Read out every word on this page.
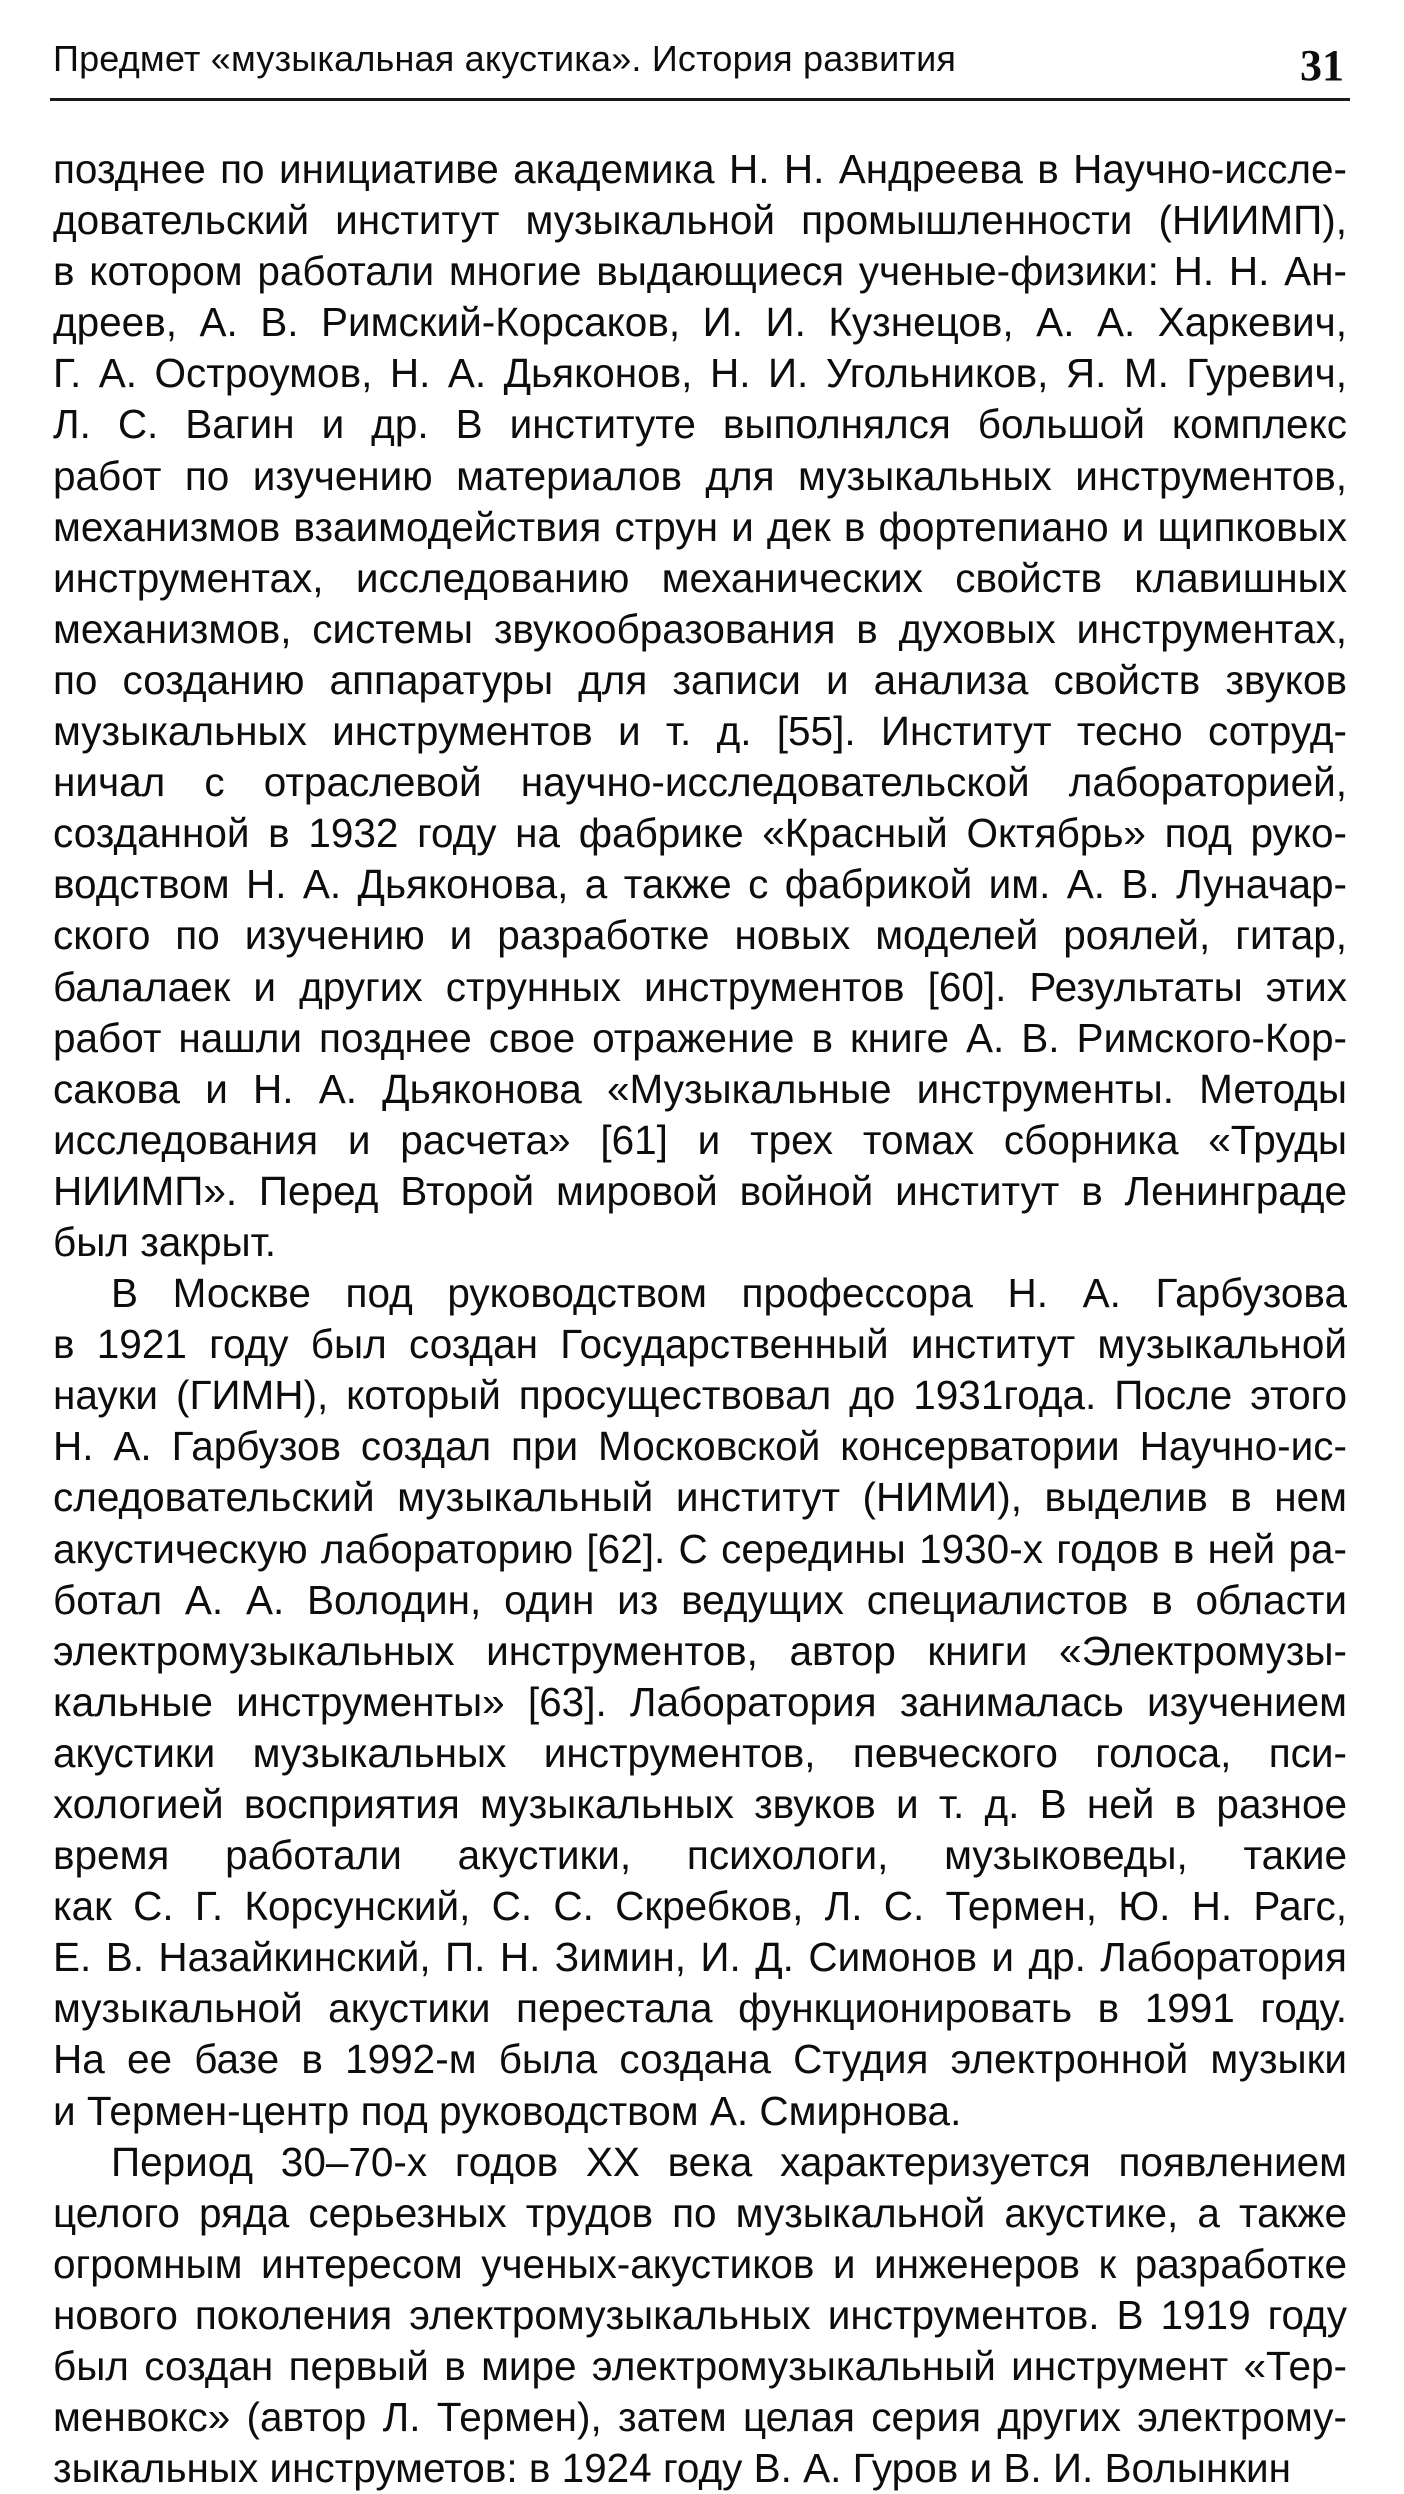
Предмет «музыкальная акустика». История развития	31
позднее по инициативе академика Н. Н. Андреева в Научно-иссле-
довательский институт музыкальной промышленности (НИИМП),
в котором работали многие выдающиеся ученые-физики: Н. Н. Ан-
дреев, А. В. Римский-Корсаков, И. И. Кузнецов, А. А. Харкевич,
Г. А. Остроумов, Н. А. Дьяконов, Н. И. Угольников, Я. М. Гуревич,
Л. С. Вагин и др. В институте выполнялся большой комплекс
работ по изучению материалов для музыкальных инструментов,
механизмов взаимодействия струн и дек в фортепиано и щипковых
инструментах, исследованию механических свойств клавишных
механизмов, системы звукообразования в духовых инструментах,
по созданию аппаратуры для записи и анализа свойств звуков
музыкальных инструментов и т. д. [55]. Институт тесно сотруд-
ничал с отраслевой научно-исследовательской лабораторией,
созданной в 1932 году на фабрике «Красный Октябрь» под руко-
водством Н. А. Дьяконова, а также с фабрикой им. А. В. Луначар-
ского по изучению и разработке новых моделей роялей, гитар,
балалаек и других струнных инструментов [60]. Результаты этих
работ нашли позднее свое отражение в книге А. В. Римского-Кор-
сакова и Н. А. Дьяконова «Музыкальные инструменты. Методы
исследования и расчета» [61] и трех томах сборника «Труды
НИИМП». Перед Второй мировой войной институт в Ленинграде
был закрыт.
В Москве под руководством профессора Н. А. Гарбузова
в 1921 году был создан Государственный институт музыкальной
науки (ГИМН), который просуществовал до 1931года. После этого
Н. А. Гарбузов создал при Московской консерватории Научно-ис-
следовательский музыкальный институт (НИМИ), выделив в нем
акустическую лабораторию [62]. С середины 1930-х годов в ней ра-
ботал А. А. Володин, один из ведущих специалистов в области
электромузыкальных инструментов, автор книги «Электромузы-
кальные инструменты» [63]. Лаборатория занималась изучением
акустики музыкальных инструментов, певческого голоса, пси-
хологией восприятия музыкальных звуков и т. д. В ней в разное
время работали акустики, психологи, музыковеды, такие
как С. Г. Корсунский, С. С. Скребков, Л. С. Термен, Ю. Н. Рагс,
Е. В. Назайкинский, П. Н. Зимин, И. Д. Симонов и др. Лаборатория
музыкальной акустики перестала функционировать в 1991 году.
На ее базе в 1992-м была создана Студия электронной музыки
и Термен-центр под руководством А. Смирнова.
Период 30–70-х годов XX века характеризуется появлением
целого ряда серьезных трудов по музыкальной акустике, а также
огромным интересом ученых-акустиков и инженеров к разработке
нового поколения электромузыкальных инструментов. В 1919 году
был создан первый в мире электромузыкальный инструмент «Тер-
менвокс» (автор Л. Термен), затем целая серия других электрому-
зыкальных инструметов: в 1924 году В. А. Гуров и В. И. Волынкин
